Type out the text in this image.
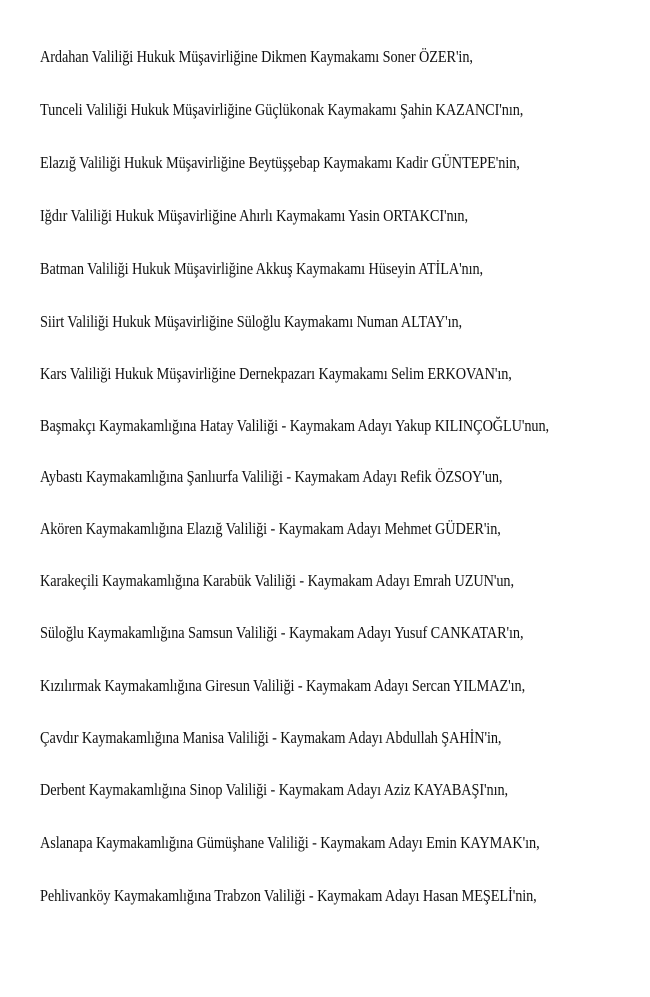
Ardahan Valiliği Hukuk Müşavirliğine Dikmen Kaymakamı Soner ÖZER'in,
Tunceli Valiliği Hukuk Müşavirliğine Güçlükonak Kaymakamı Şahin KAZANCI'nın,
Elazığ Valiliği Hukuk Müşavirliğine Beytüşşebap Kaymakamı Kadir GÜNTEPE'nin,
Iğdır Valiliği Hukuk Müşavirliğine Ahırlı Kaymakamı Yasin ORTAKCI'nın,
Batman Valiliği Hukuk Müşavirliğine Akkuş Kaymakamı Hüseyin ATİLA'nın,
Siirt Valiliği Hukuk Müşavirliğine Süloğlu Kaymakamı Numan ALTAY'ın,
Kars Valiliği Hukuk Müşavirliğine Dernekpazarı Kaymakamı Selim ERKOVAN'ın,
Başmakçı Kaymakamlığına Hatay Valiliği - Kaymakam Adayı Yakup KILINÇOĞLU'nun,
Aybastı Kaymakamlığına Şanlıurfa Valiliği - Kaymakam Adayı Refik ÖZSOY'un,
Akören Kaymakamlığına Elazığ Valiliği - Kaymakam Adayı Mehmet GÜDER'in,
Karakeçili Kaymakamlığına Karabük Valiliği - Kaymakam Adayı Emrah UZUN'un,
Süloğlu Kaymakamlığına Samsun Valiliği - Kaymakam Adayı Yusuf CANKATAR'ın,
Kızılırmak Kaymakamlığına Giresun Valiliği - Kaymakam Adayı Sercan YILMAZ'ın,
Çavdır Kaymakamlığına Manisa Valiliği - Kaymakam Adayı Abdullah ŞAHİN'in,
Derbent Kaymakamlığına Sinop Valiliği - Kaymakam Adayı Aziz KAYABAŞI'nın,
Aslanapa Kaymakamlığına Gümüşhane Valiliği - Kaymakam Adayı Emin KAYMAK'ın,
Pehlivanköy Kaymakamlığına Trabzon Valiliği - Kaymakam Adayı Hasan MEŞELİ'nin,
